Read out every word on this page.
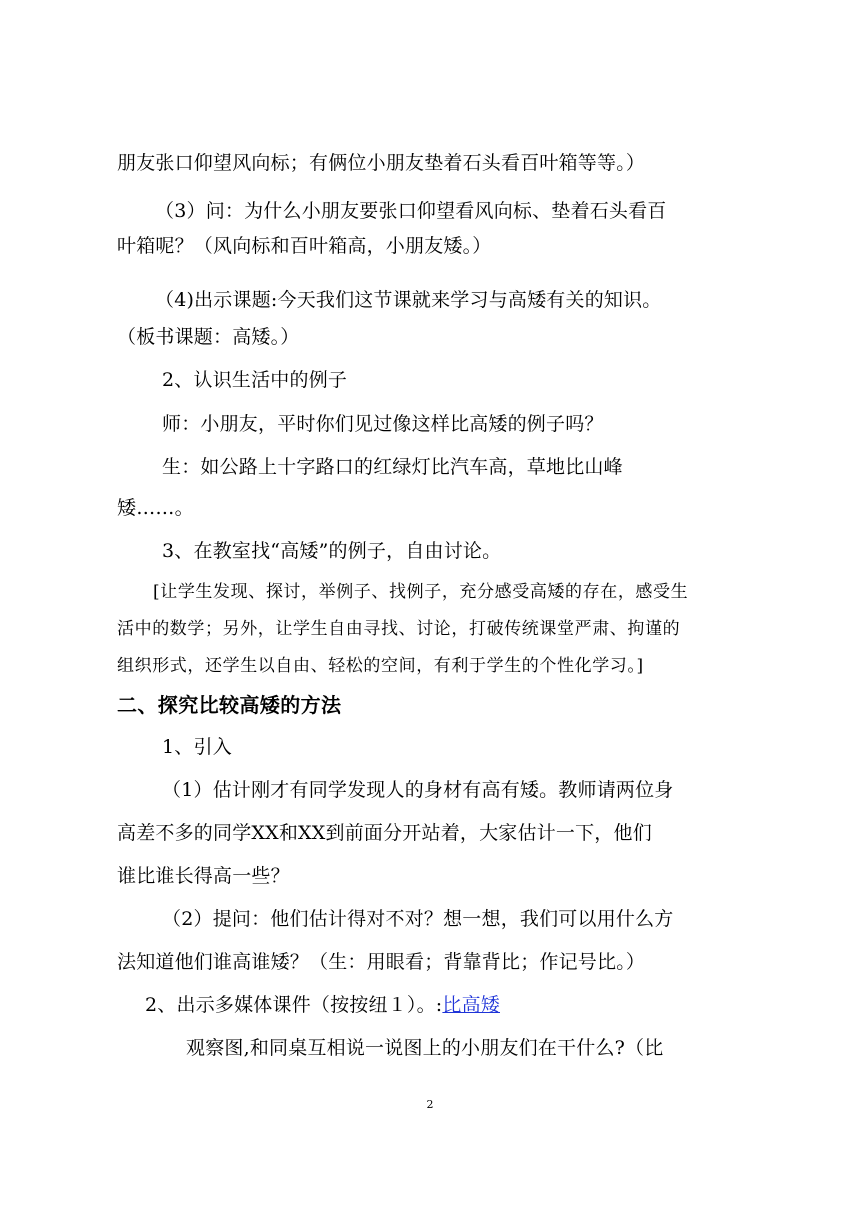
朋友张口仰望风向标；有俩位小朋友垫着石头看百叶箱等等。）
（3）问：为什么小朋友要张口仰望看风向标、垫着石头看百
叶箱呢？（风向标和百叶箱高，小朋友矮。）
（4)出示课题:今天我们这节课就来学习与高矮有关的知识。
（板书课题：高矮。）
2、认识生活中的例子
师：小朋友，平时你们见过像这样比高矮的例子吗？
生：如公路上十字路口的红绿灯比汽车高，草地比山峰
矮……。
3、在教室找“高矮”的例子，自由讨论。
[让学生发现、探讨，举例子、找例子，充分感受高矮的存在，感受生
活中的数学；另外，让学生自由寻找、讨论，打破传统课堂严肃、拘谨的
组织形式，还学生以自由、轻松的空间，有利于学生的个性化学习。]
二、探究比较高矮的方法
1、引入
（1）估计刚才有同学发现人的身材有高有矮。教师请两位身
高差不多的同学XX和XX到前面分开站着，大家估计一下，他们
谁比谁长得高一些？
（2）提问：他们估计得对不对？想一想，我们可以用什么方
法知道他们谁高谁矮？（生：用眼看；背靠背比；作记号比。）
2、出示多媒体课件（按按纽１）。:比高矮
观察图,和同桌互相说一说图上的小朋友们在干什么?（比
2
